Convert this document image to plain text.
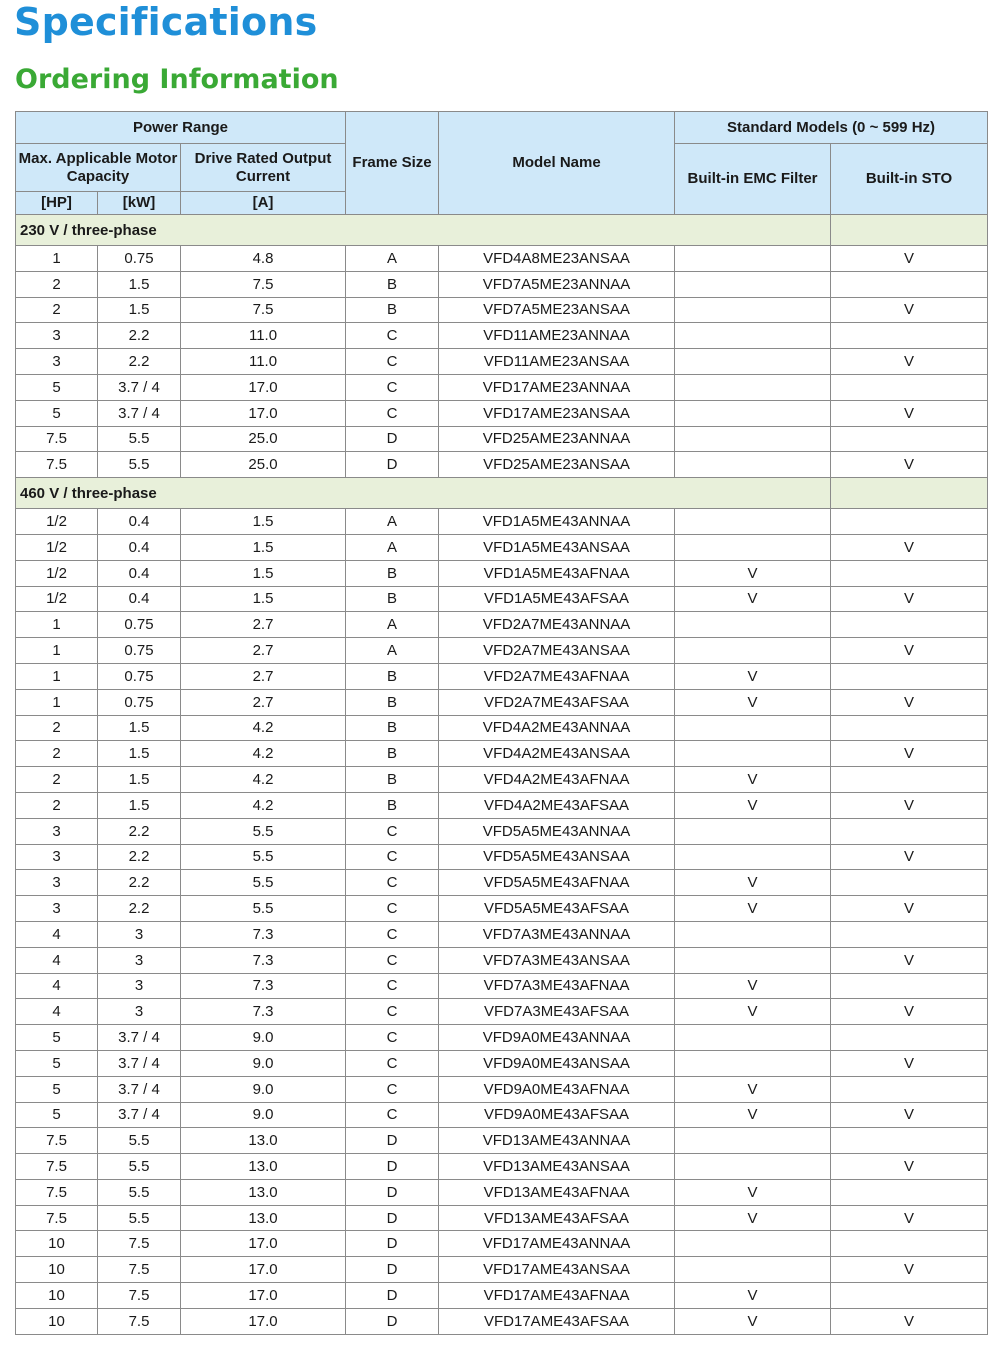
Specifications
Ordering Information
Power Range			Frame Size	Model Name	Standard Models (0 ~ 599 Hz)	
Max. Applicable Motor Capacity		Drive Rated Output Current			Built-in EMC Filter	Built-in STO
[HP]	[kW]	[A]				
230 V / three-phase						
1	0.75	4.8	A	VFD4A8ME23ANSAA		V
2	1.5	7.5	B	VFD7A5ME23ANNAA		
2	1.5	7.5	B	VFD7A5ME23ANSAA		V
3	2.2	11.0	C	VFD11AME23ANNAA		
3	2.2	11.0	C	VFD11AME23ANSAA		V
5	3.7 / 4	17.0	C	VFD17AME23ANNAA		
5	3.7 / 4	17.0	C	VFD17AME23ANSAA		V
7.5	5.5	25.0	D	VFD25AME23ANNAA		
7.5	5.5	25.0	D	VFD25AME23ANSAA		V
460 V / three-phase						
1/2	0.4	1.5	A	VFD1A5ME43ANNAA		
1/2	0.4	1.5	A	VFD1A5ME43ANSAA		V
1/2	0.4	1.5	B	VFD1A5ME43AFNAA	V	
1/2	0.4	1.5	B	VFD1A5ME43AFSAA	V	V
1	0.75	2.7	A	VFD2A7ME43ANNAA		
1	0.75	2.7	A	VFD2A7ME43ANSAA		V
1	0.75	2.7	B	VFD2A7ME43AFNAA	V	
1	0.75	2.7	B	VFD2A7ME43AFSAA	V	V
2	1.5	4.2	B	VFD4A2ME43ANNAA		
2	1.5	4.2	B	VFD4A2ME43ANSAA		V
2	1.5	4.2	B	VFD4A2ME43AFNAA	V	
2	1.5	4.2	B	VFD4A2ME43AFSAA	V	V
3	2.2	5.5	C	VFD5A5ME43ANNAA		
3	2.2	5.5	C	VFD5A5ME43ANSAA		V
3	2.2	5.5	C	VFD5A5ME43AFNAA	V	
3	2.2	5.5	C	VFD5A5ME43AFSAA	V	V
4	3	7.3	C	VFD7A3ME43ANNAA		
4	3	7.3	C	VFD7A3ME43ANSAA		V
4	3	7.3	C	VFD7A3ME43AFNAA	V	
4	3	7.3	C	VFD7A3ME43AFSAA	V	V
5	3.7 / 4	9.0	C	VFD9A0ME43ANNAA		
5	3.7 / 4	9.0	C	VFD9A0ME43ANSAA		V
5	3.7 / 4	9.0	C	VFD9A0ME43AFNAA	V	
5	3.7 / 4	9.0	C	VFD9A0ME43AFSAA	V	V
7.5	5.5	13.0	D	VFD13AME43ANNAA		
7.5	5.5	13.0	D	VFD13AME43ANSAA		V
7.5	5.5	13.0	D	VFD13AME43AFNAA	V	
7.5	5.5	13.0	D	VFD13AME43AFSAA	V	V
10	7.5	17.0	D	VFD17AME43ANNAA		
10	7.5	17.0	D	VFD17AME43ANSAA		V
10	7.5	17.0	D	VFD17AME43AFNAA	V	
10	7.5	17.0	D	VFD17AME43AFSAA	V	V
